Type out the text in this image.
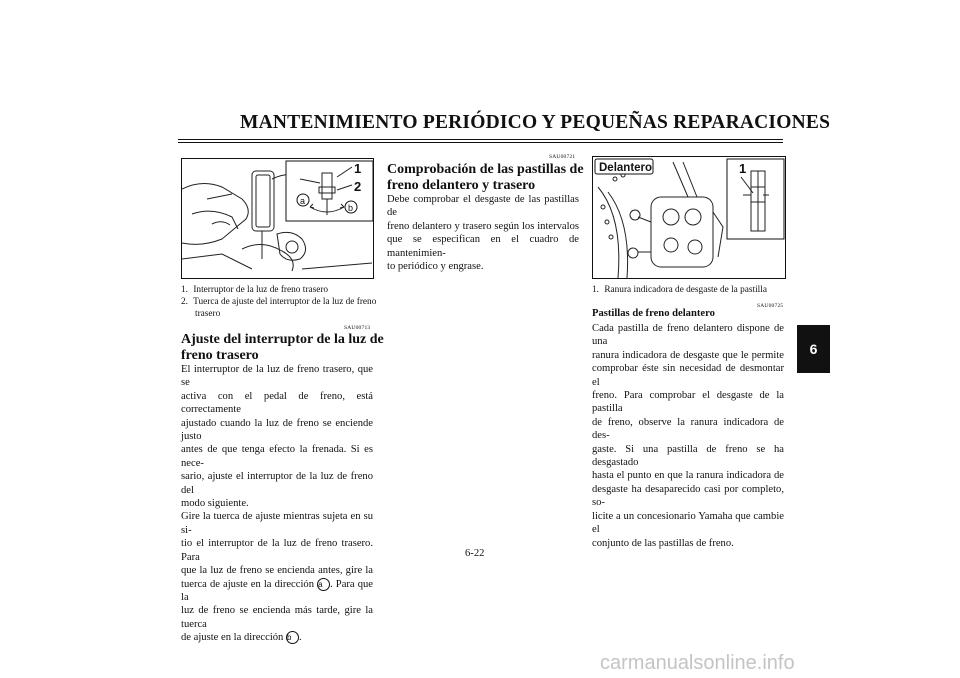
MANTENIMIENTO PERIÓDICO Y PEQUEÑAS REPARACIONES
1
2
a
b
1. Interruptor de la luz de freno trasero
2. Tuerca de ajuste del interruptor de la luz de freno
trasero
SAU00713
Ajuste del interruptor de la luz de
freno trasero
El interruptor de la luz de freno trasero, que se
activa con el pedal de freno, está correctamente
ajustado cuando la luz de freno se enciende justo
antes de que tenga efecto la frenada. Si es nece-
sario, ajuste el interruptor de la luz de freno del
modo siguiente.
Gire la tuerca de ajuste mientras sujeta en su si-
tio el interruptor de la luz de freno trasero. Para
que la luz de freno se encienda antes, gire la
tuerca de ajuste en la dirección a . Para que la
luz de freno se encienda más tarde, gire la tuerca
de ajuste en la dirección b .
SAU00721
Comprobación de las pastillas de
freno delantero y trasero
Debe comprobar el desgaste de las pastillas de
freno delantero y trasero según los intervalos
que se especifican en el cuadro de mantenimien-
to periódico y engrase.
Delantero	1
1. Ranura indicadora de desgaste de la pastilla
SAU00725
Pastillas de freno delantero
Cada pastilla de freno delantero dispone de una
ranura indicadora de desgaste que le permite
comprobar éste sin necesidad de desmontar el
freno. Para comprobar el desgaste de la pastilla
de freno, observe la ranura indicadora de des-
gaste. Si una pastilla de freno se ha desgastado
hasta el punto en que la ranura indicadora de
desgaste ha desaparecido casi por completo, so-
licite a un concesionario Yamaha que cambie el
conjunto de las pastillas de freno.
6
6-22
carmanualsonline.info
